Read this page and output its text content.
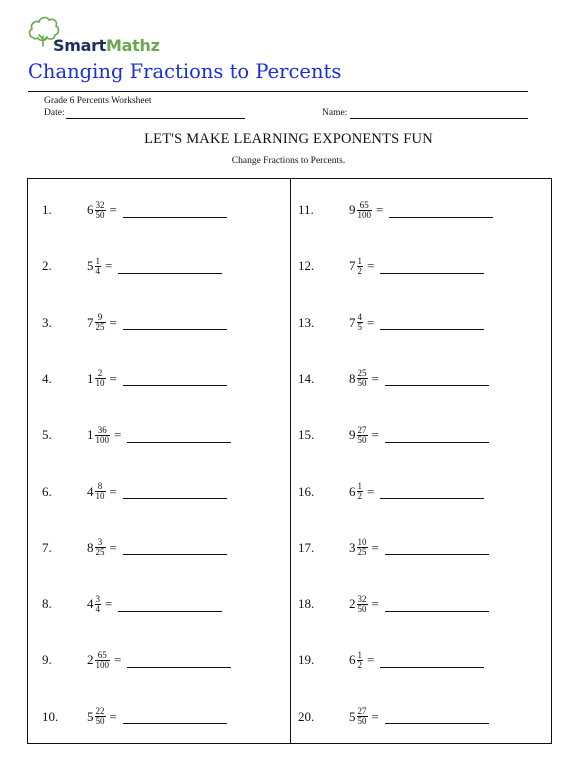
SmartMathz
Changing Fractions to Percents
Grade 6 Percents Worksheet
Date:	Name:
LET'S MAKE LEARNING EXPONENTS FUN
Change Fractions to Percents.
1.	$6 \frac{32}{50}$ =
2.	$5 \frac{1}{4}$ =
3.	$7 \frac{9}{25}$ =
4.	$1 \frac{2}{10}$ =
5.	$1 \frac{36}{100}$ =
6.	$4 \frac{8}{10}$ =
7.	$8 \frac{3}{25}$ =
8.	$4 \frac{3}{4}$ =
9.	$2 \frac{65}{100}$ =
10. $5 \frac{22}{50}$ =
11.	$9 \frac{65}{100}$ =
12.	$7 \frac{1}{2}$ =
13.	$7 \frac{4}{5}$ =
14.	$8 \frac{25}{50}$ =
15.	$9 \frac{27}{50}$ =
16.	$6 \frac{1}{2}$ =
17.	$3 \frac{10}{25}$ =
18.	$2 \frac{32}{50}$ =
19.	$6 \frac{1}{2}$ =
20.	$5 \frac{27}{50}$ =
